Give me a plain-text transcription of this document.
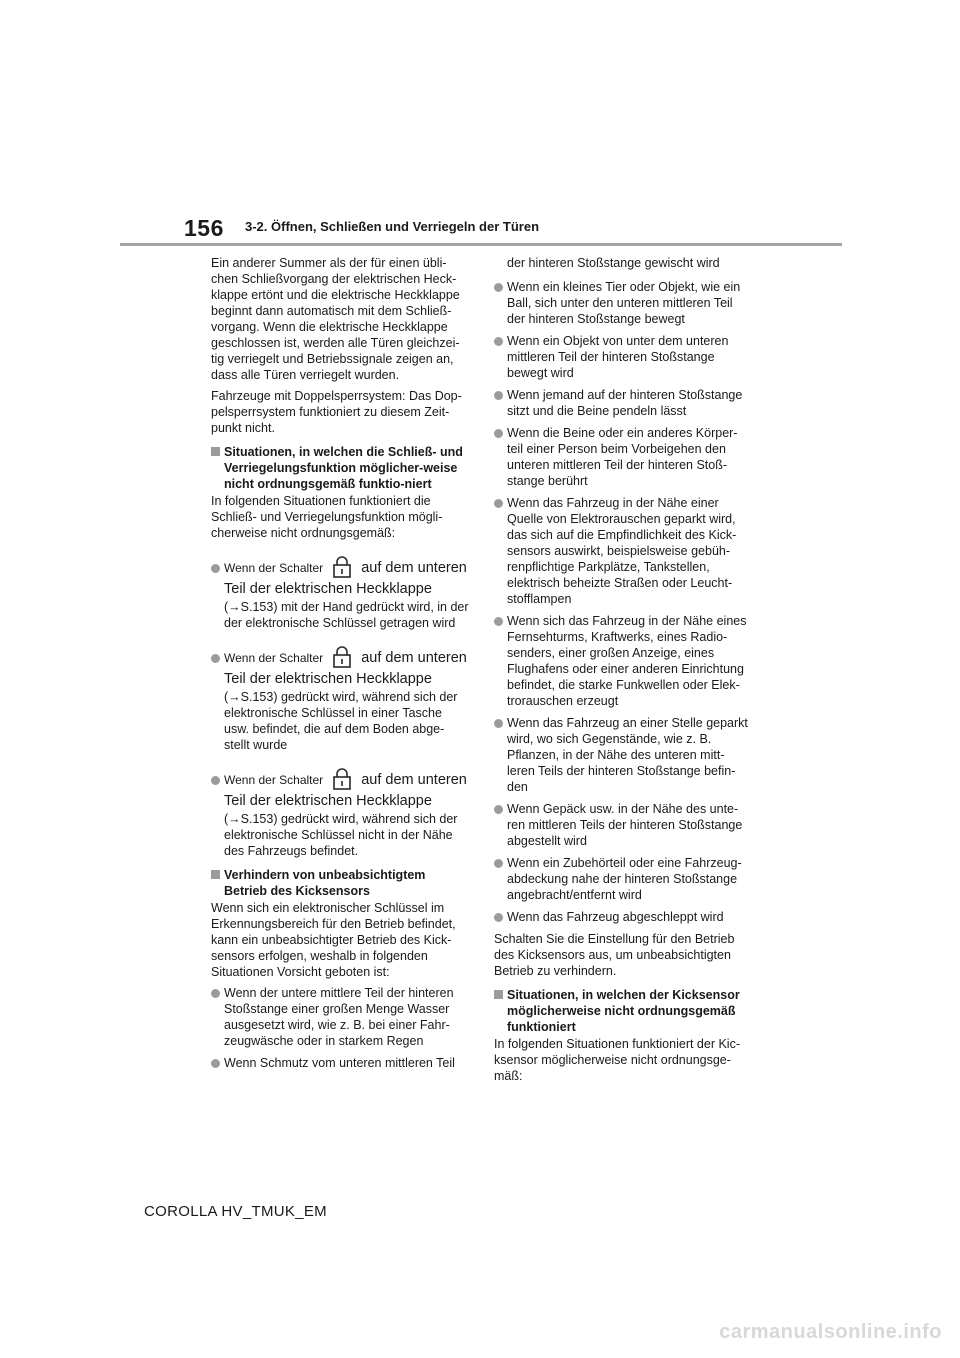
156 3-2. Öffnen, Schließen und Verriegeln der Türen

Ein anderer Summer als der für einen übli-chen Schließvorgang der elektrischen Heck-klappe ertönt und die elektrische Heckklappe beginnt dann automatisch mit dem Schließ-vorgang. Wenn die elektrische Heckklappe geschlossen ist, werden alle Türen gleichzei-tig verriegelt und Betriebssignale zeigen an, dass alle Türen verriegelt wurden.

Fahrzeuge mit Doppelsperrsystem: Das Dop-pelsperrsystem funktioniert zu diesem Zeit-punkt nicht.

Situationen, in welchen die Schließ- und Verriegelungsfunktion möglicher-weise nicht ordnungsgemäß funktio-niert

In folgenden Situationen funktioniert die Schließ- und Verriegelungsfunktion mögli-cherweise nicht ordnungsgemäß:

Wenn der Schalter	auf dem unteren Teil der elektrischen Heckklappe
(→S.153) mit der Hand gedrückt wird, in der der elektronische Schlüssel getragen wird
Wenn der Schalter	auf dem unteren Teil der elektrischen Heckklappe
(→S.153) gedrückt wird, während sich der elektronische Schlüssel in einer Tasche usw. befindet, die auf dem Boden abge-stellt wurde
Wenn der Schalter	auf dem unteren Teil der elektrischen Heckklappe
(→S.153) gedrückt wird, während sich der elektronische Schlüssel nicht in der Nähe des Fahrzeugs befindet.
Verhindern von unbeabsichtigtem Betrieb des Kicksensors

Wenn sich ein elektronischer Schlüssel im Erkennungsbereich für den Betrieb befindet, kann ein unbeabsichtigter Betrieb des Kick-sensors erfolgen, weshalb in folgenden Situationen Vorsicht geboten ist:

Wenn der untere mittlere Teil der hinteren Stoßstange einer großen Menge Wasser ausgesetzt wird, wie z. B. bei einer Fahr-zeugwäsche oder in starkem Regen
Wenn Schmutz vom unteren mittleren Teil
der hinteren Stoßstange gewischt wird
Wenn ein kleines Tier oder Objekt, wie ein Ball, sich unter den unteren mittleren Teil der hinteren Stoßstange bewegt
Wenn ein Objekt von unter dem unteren mittleren Teil der hinteren Stoßstange bewegt wird
Wenn jemand auf der hinteren Stoßstange sitzt und die Beine pendeln lässt
Wenn die Beine oder ein anderes Körper-teil einer Person beim Vorbeigehen den unteren mittleren Teil der hinteren Stoß-stange berührt
Wenn das Fahrzeug in der Nähe einer Quelle von Elektrorauschen geparkt wird, das sich auf die Empfindlichkeit des Kick-sensors auswirkt, beispielsweise gebüh-renpflichtige Parkplätze, Tankstellen, elektrisch beheizte Straßen oder Leucht-stofflampen
Wenn sich das Fahrzeug in der Nähe eines Fernsehturms, Kraftwerks, eines Radio-senders, einer großen Anzeige, eines Flughafens oder einer anderen Einrichtung befindet, die starke Funkwellen oder Elek-trorauschen erzeugt
Wenn das Fahrzeug an einer Stelle geparkt wird, wo sich Gegenstände, wie z. B. Pflanzen, in der Nähe des unteren mitt-leren Teils der hinteren Stoßstange befin-den
Wenn Gepäck usw. in der Nähe des unte-ren mittleren Teils der hinteren Stoßstange abgestellt wird
Wenn ein Zubehörteil oder eine Fahrzeug-abdeckung nahe der hinteren Stoßstange angebracht/entfernt wird
Wenn das Fahrzeug abgeschleppt wird

Schalten Sie die Einstellung für den Betrieb des Kicksensors aus, um unbeabsichtigten Betrieb zu verhindern.

Situationen, in welchen der Kicksensor möglicherweise nicht ordnungsgemäß funktioniert

In folgenden Situationen funktioniert der Kic-ksensor möglicherweise nicht ordnungsge-mäß:

COROLLA HV_TMUK_EM
carmanualsonline.info
